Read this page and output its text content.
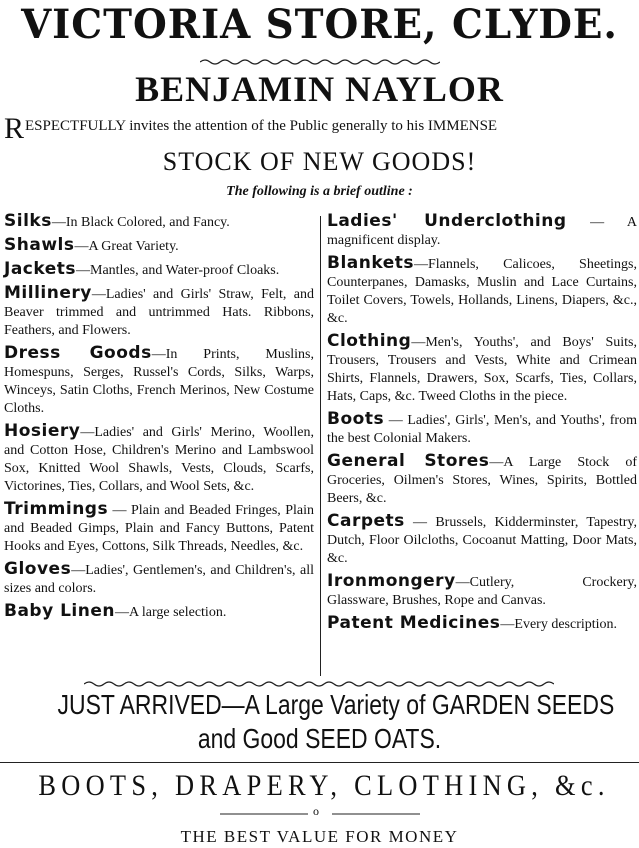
VICTORIA STORE, CLYDE.
BENJAMIN NAYLOR
RESPECTFULLY invites the attention of the Public generally to his IMMENSE
STOCK OF NEW GOODS!
The following is a brief outline :
Silks—In Black Colored, and Fancy.
Shawls—A Great Variety.
Jackets—Mantles, and Water-proof Cloaks.
Millinery—Ladies' and Girls' Straw, Felt, and Beaver trimmed and untrimmed Hats. Ribbons, Feathers, and Flowers.
Dress Goods—In Prints, Muslins, Homespuns, Serges, Russel's Cords, Silks, Warps, Winceys, Satin Cloths, French Merinos, New Costume Cloths.
Hosiery—Ladies' and Girls' Merino, Woollen, and Cotton Hose, Children's Merino and Lambswool Sox, Knitted Wool Shawls, Vests, Clouds, Scarfs, Victorines, Ties, Collars, and Wool Sets, &c.
Trimmings — Plain and Beaded Fringes, Plain and Beaded Gimps, Plain and Fancy Buttons, Patent Hooks and Eyes, Cottons, Silk Threads, Needles, &c.
Gloves—Ladies', Gentlemen's, and Children's, all sizes and colors.
Baby Linen—A large selection.
Ladies' Underclothing — A magnificent display.
Blankets—Flannels, Calicoes, Sheetings, Counterpanes, Damasks, Muslin and Lace Curtains, Toilet Covers, Towels, Hollands, Linens, Diapers, &c., &c.
Clothing—Men's, Youths', and Boys' Suits, Trousers, Trousers and Vests, White and Crimean Shirts, Flannels, Drawers, Sox, Scarfs, Ties, Collars, Hats, Caps, &c. Tweed Cloths in the piece.
Boots — Ladies', Girls', Men's, and Youths', from the best Colonial Makers.
General Stores—A Large Stock of Groceries, Oilmen's Stores, Wines, Spirits, Bottled Beers, &c.
Carpets — Brussels, Kidderminster, Tapestry, Dutch, Floor Oilcloths, Cocoanut Matting, Door Mats, &c.
Ironmongery—Cutlery, Crockery, Glassware, Brushes, Rope and Canvas.
Patent Medicines—Every description.
JUST ARRIVED—A Large Variety of GARDEN SEEDS
and Good SEED OATS.
BOOTS, DRAPERY, CLOTHING, &c.
o
THE BEST VALUE FOR MONEY
